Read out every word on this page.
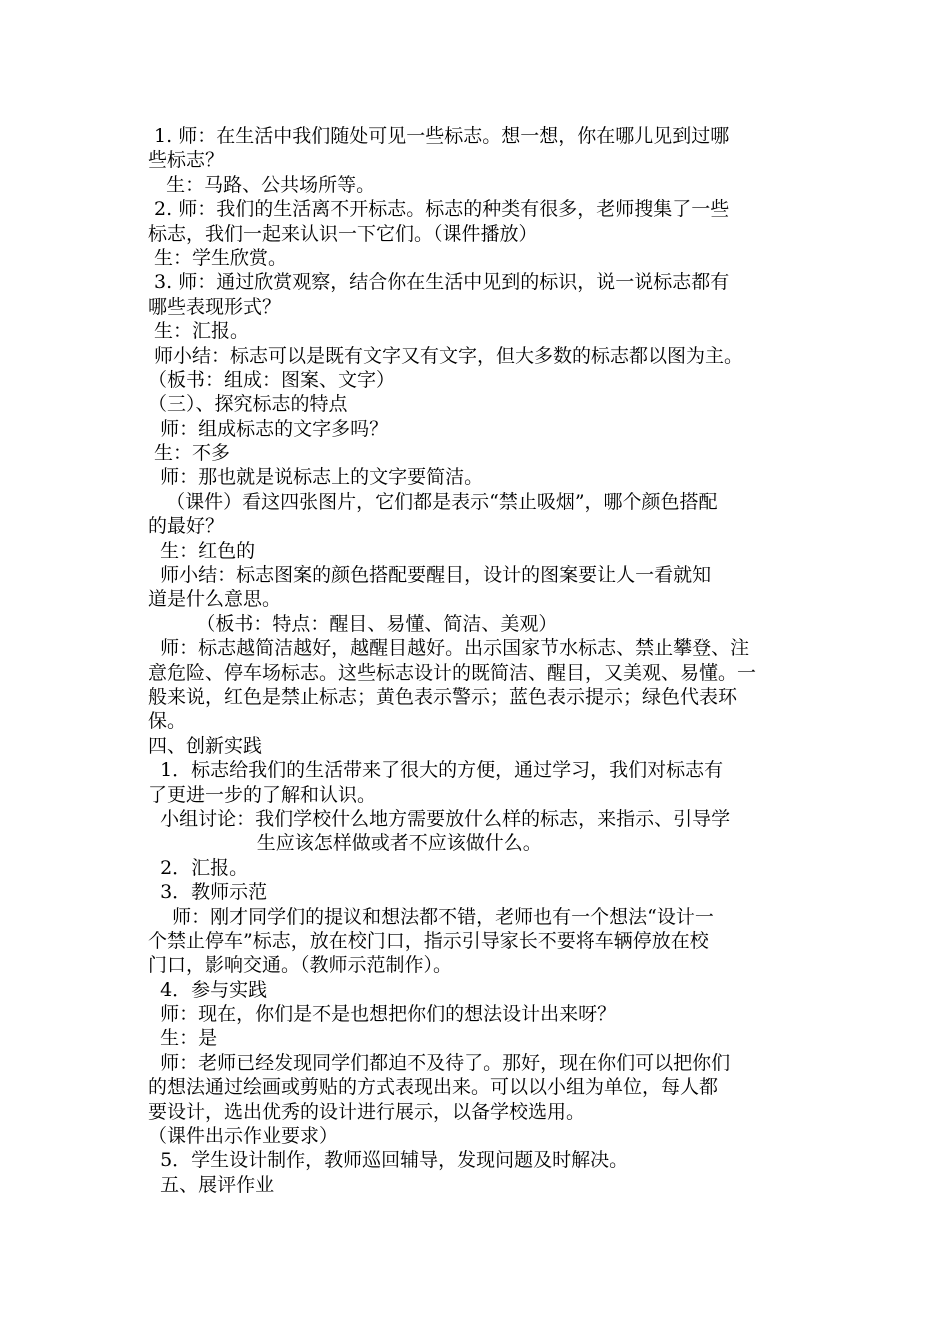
1. 师：在生活中我们随处可见一些标志。想一想，你在哪儿见到过哪
些标志？
生：马路、公共场所等。
2. 师：我们的生活离不开标志。标志的种类有很多，老师搜集了一些
标志，我们一起来认识一下它们。（课件播放）
生：学生欣赏。
3. 师：通过欣赏观察，结合你在生活中见到的标识，说一说标志都有
哪些表现形式？
生：汇报。
师小结：标志可以是既有文字又有文字，但大多数的标志都以图为主。
（板书：组成：图案、文字）
（三）、探究标志的特点
师：组成标志的文字多吗？
生：不多
师：那也就是说标志上的文字要简洁。
（课件）看这四张图片，它们都是表示“禁止吸烟”，哪个颜色搭配
的最好？
生：红色的
师小结：标志图案的颜色搭配要醒目，设计的图案要让人一看就知
道是什么意思。
（板书：特点：醒目、易懂、简洁、美观）
师：标志越简洁越好，越醒目越好。出示国家节水标志、禁止攀登、注
意危险、停车场标志。这些标志设计的既简洁、醒目，又美观、易懂。一
般来说，红色是禁止标志；黄色表示警示；蓝色表示提示；绿色代表环
保。
四、创新实践
1．标志给我们的生活带来了很大的方便，通过学习，我们对标志有
了更进一步的了解和认识。
小组讨论：我们学校什么地方需要放什么样的标志，来指示、引导学
生应该怎样做或者不应该做什么。
2．汇报。
3．教师示范
师：刚才同学们的提议和想法都不错，老师也有一个想法“设计一
个禁止停车”标志，放在校门口，指示引导家长不要将车辆停放在校
门口，影响交通。（教师示范制作）。
4．参与实践
师：现在，你们是不是也想把你们的想法设计出来呀？
生：是
师：老师已经发现同学们都迫不及待了。那好，现在你们可以把你们
的想法通过绘画或剪贴的方式表现出来。可以以小组为单位，每人都
要设计，选出优秀的设计进行展示，以备学校选用。
（课件出示作业要求）
5．学生设计制作，教师巡回辅导，发现问题及时解决。
五、展评作业
